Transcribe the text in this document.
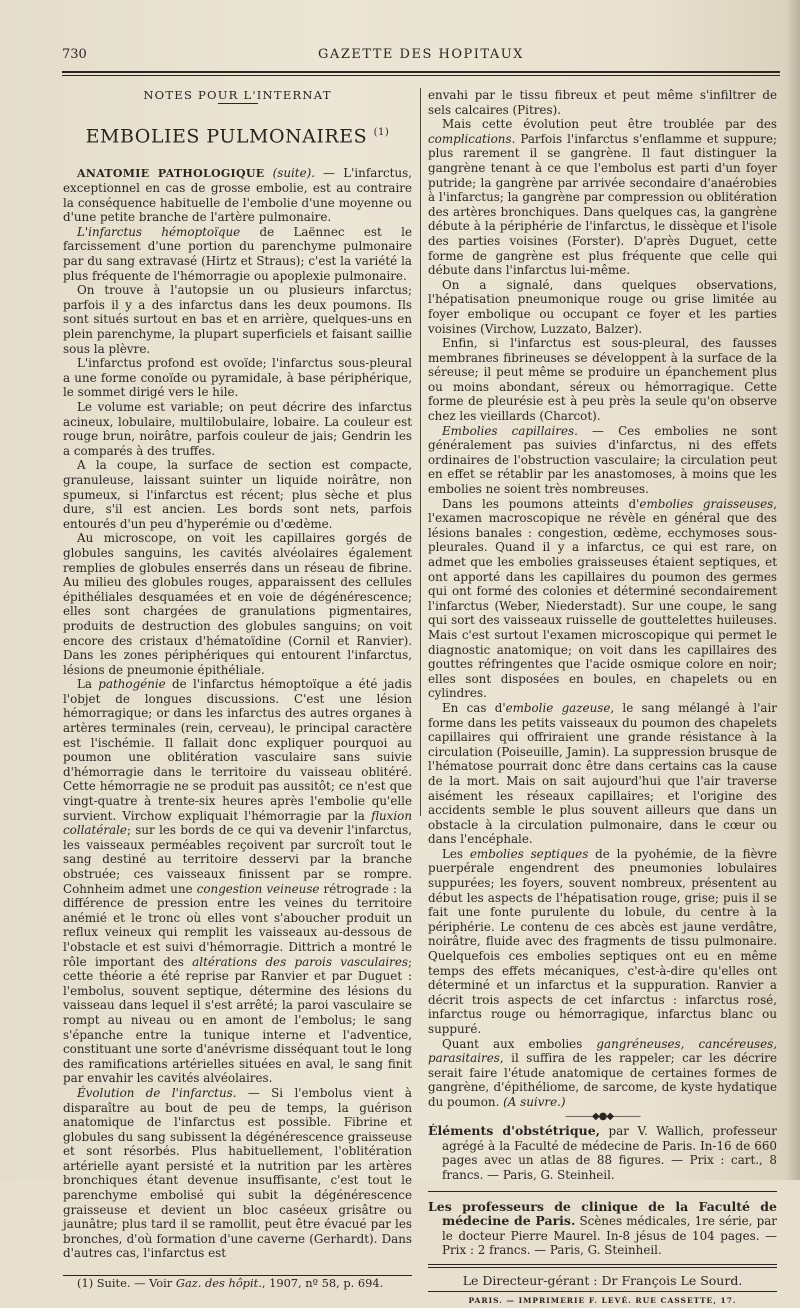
730	GAZETTE DES HOPITAUX

NOTES POUR L'INTERNAT

EMBOLIES PULMONAIRES $^{(1)}$

ANATOMIE PATHOLOGIQUE (suite). — L'infarctus, exceptionnel en cas de grosse embolie, est au contraire la conséquence habituelle de l'embolie d'une moyenne ou d'une petite branche de l'artère pulmonaire.

L'infarctus hémoptoïque de Laënnec est le farcissement d'une portion du parenchyme pulmonaire par du sang extravasé (Hirtz et Straus); c'est la variété la plus fréquente de l'hémorragie ou apoplexie pulmonaire.

On trouve à l'autopsie un ou plusieurs infarctus; parfois il y a des infarctus dans les deux poumons. Ils sont situés surtout en bas et en arrière, quelques-uns en plein parenchyme, la plupart superficiels et faisant saillie sous la plèvre.

L'infarctus profond est ovoïde; l'infarctus sous-pleural a une forme conoïde ou pyramidale, à base périphérique, le sommet dirigé vers le hile.

Le volume est variable; on peut décrire des infarctus acineux, lobulaire, multilobulaire, lobaire. La couleur est rouge brun, noirâtre, parfois couleur de jais; Gendrin les a comparés à des truffes.

A la coupe, la surface de section est compacte, granuleuse, laissant suinter un liquide noirâtre, non spumeux, si l'infarctus est récent; plus sèche et plus dure, s'il est ancien. Les bords sont nets, parfois entourés d'un peu d'hyperémie ou d'œdème.

Au microscope, on voit les capillaires gorgés de globules sanguins, les cavités alvéolaires également remplies de globules enserrés dans un réseau de fibrine. Au milieu des globules rouges, apparaissent des cellules épithéliales desquamées et en voie de dégénérescence; elles sont chargées de granulations pigmentaires, produits de destruction des globules sanguins; on voit encore des cristaux d'hématoïdine (Cornil et Ranvier). Dans les zones périphériques qui entourent l'infarctus, lésions de pneumonie épithéliale.

La pathogénie de l'infarctus hémoptoïque a été jadis l'objet de longues discussions. C'est une lésion hémorragique; or dans les infarctus des autres organes à artères terminales (rein, cerveau), le principal caractère est l'ischémie. Il fallait donc expliquer pourquoi au poumon une oblitération vasculaire sans suivie d'hémorragie dans le territoire du vaisseau oblitéré. Cette hémorragie ne se produit pas aussitôt; ce n'est que vingt-quatre à trente-six heures après l'embolie qu'elle survient. Virchow expliquait l'hémorragie par la fluxion collatérale; sur les bords de ce qui va devenir l'infarctus, les vaisseaux perméables reçoivent par surcroît tout le sang destiné au territoire desservi par la branche obstruée; ces vaisseaux finissent par se rompre. Cohnheim admet une congestion veineuse rétrograde : la différence de pression entre les veines du territoire anémié et le tronc où elles vont s'aboucher produit un reflux veineux qui remplit les vaisseaux au-dessous de l'obstacle et est suivi d'hémorragie. Dittrich a montré le rôle important des altérations des parois vasculaires; cette théorie a été reprise par Ranvier et par Duguet : l'embolus, souvent septique, détermine des lésions du vaisseau dans lequel il s'est arrêté; la paroi vasculaire se rompt au niveau ou en amont de l'embolus; le sang s'épanche entre la tunique interne et l'adventice, constituant une sorte d'anévrisme disséquant tout le long des ramifications artérielles situées en aval, le sang finit par envahir les cavités alvéolaires.

Évolution de l'infarctus. — Si l'embolus vient à disparaître au bout de peu de temps, la guérison anatomique de l'infarctus est possible. Fibrine et globules du sang subissent la dégénérescence graisseuse et sont résorbés. Plus habituellement, l'oblitération artérielle ayant persisté et la nutrition par les artères bronchiques étant devenue insuffisante, c'est tout le parenchyme embolisé qui subit la dégénérescence graisseuse et devient un bloc caséeux grisâtre ou jaunâtre; plus tard il se ramollit, peut être évacué par les bronches, d'où formation d'une caverne (Gerhardt). Dans d'autres cas, l'infarctus est

(1) Suite. — Voir Gaz. des hôpit., 1907, nº 58, p. 694.

envahi par le tissu fibreux et peut même s'infiltrer de sels calcaires (Pitres).

Mais cette évolution peut être troublée par des complications. Parfois l'infarctus s'enflamme et suppure; plus rarement il se gangrène. Il faut distinguer la gangrène tenant à ce que l'embolus est parti d'un foyer putride; la gangrène par arrivée secondaire d'anaérobies à l'infarctus; la gangrène par compression ou oblitération des artères bronchiques. Dans quelques cas, la gangrène débute à la périphérie de l'infarctus, le dissèque et l'isole des parties voisines (Forster). D'après Duguet, cette forme de gangrène est plus fréquente que celle qui débute dans l'infarctus lui-même.

On a signalé, dans quelques observations, l'hépatisation pneumonique rouge ou grise limitée au foyer embolique ou occupant ce foyer et les parties voisines (Virchow, Luzzato, Balzer).

Enfin, si l'infarctus est sous-pleural, des fausses membranes fibrineuses se développent à la surface de la séreuse; il peut même se produire un épanchement plus ou moins abondant, séreux ou hémorragique. Cette forme de pleurésie est à peu près la seule qu'on observe chez les vieillards (Charcot).

Embolies capillaires. — Ces embolies ne sont généralement pas suivies d'infarctus, ni des effets ordinaires de l'obstruction vasculaire; la circulation peut en effet se rétablir par les anastomoses, à moins que les embolies ne soient très nombreuses.

Dans les poumons atteints d'embolies graisseuses, l'examen macroscopique ne révèle en général que des lésions banales : congestion, œdème, ecchymoses sous-pleurales. Quand il y a infarctus, ce qui est rare, on admet que les embolies graisseuses étaient septiques, et ont apporté dans les capillaires du poumon des germes qui ont formé des colonies et déterminé secondairement l'infarctus (Weber, Niederstadt). Sur une coupe, le sang qui sort des vaisseaux ruisselle de gouttelettes huileuses. Mais c'est surtout l'examen microscopique qui permet le diagnostic anatomique; on voit dans les capillaires des gouttes réfringentes que l'acide osmique colore en noir; elles sont disposées en boules, en chapelets ou en cylindres.

En cas d'embolie gazeuse, le sang mélangé à l'air forme dans les petits vaisseaux du poumon des chapelets capillaires qui offriraient une grande résistance à la circulation (Poiseuille, Jamin). La suppression brusque de l'hématose pourrait donc être dans certains cas la cause de la mort. Mais on sait aujourd'hui que l'air traverse aisément les réseaux capillaires; et l'origine des accidents semble le plus souvent ailleurs que dans un obstacle à la circulation pulmonaire, dans le cœur ou dans l'encéphale.

Les embolies septiques de la pyohémie, de la fièvre puerpérale engendrent des pneumonies lobulaires suppurées; les foyers, souvent nombreux, présentent au début les aspects de l'hépatisation rouge, grise; puis il se fait une fonte purulente du lobule, du centre à la périphérie. Le contenu de ces abcès est jaune verdâtre, noirâtre, fluide avec des fragments de tissu pulmonaire. Quelquefois ces embolies septiques ont eu en même temps des effets mécaniques, c'est-à-dire qu'elles ont déterminé et un infarctus et la suppuration. Ranvier a décrit trois aspects de cet infarctus : infarctus rosé, infarctus rouge ou hémorragique, infarctus blanc ou suppuré.

Quant aux embolies gangréneuses, cancéreuses, parasitaires, il suffira de les rappeler; car les décrire serait faire l'étude anatomique de certaines formes de gangrène, d'épithéliome, de sarcome, de kyste hydatique du poumon. (A suivre.)

———◆●◆———

Éléments d'obstétrique, par V. Wallich, professeur agrégé à la Faculté de médecine de Paris. In-16 de 660 pages avec un atlas de 88 figures. — Prix : cart., 8 francs. — Paris, G. Steinheil.

Les professeurs de clinique de la Faculté de médecine de Paris. Scènes médicales, 1re série, par le docteur Pierre Maurel. In-8 jésus de 104 pages. — Prix : 2 francs. — Paris, G. Steinheil.

Le Directeur-gérant : Dr François Le Sourd.

PARIS. — IMPRIMERIE F. LEVÉ. RUE CASSETTE, 17.
